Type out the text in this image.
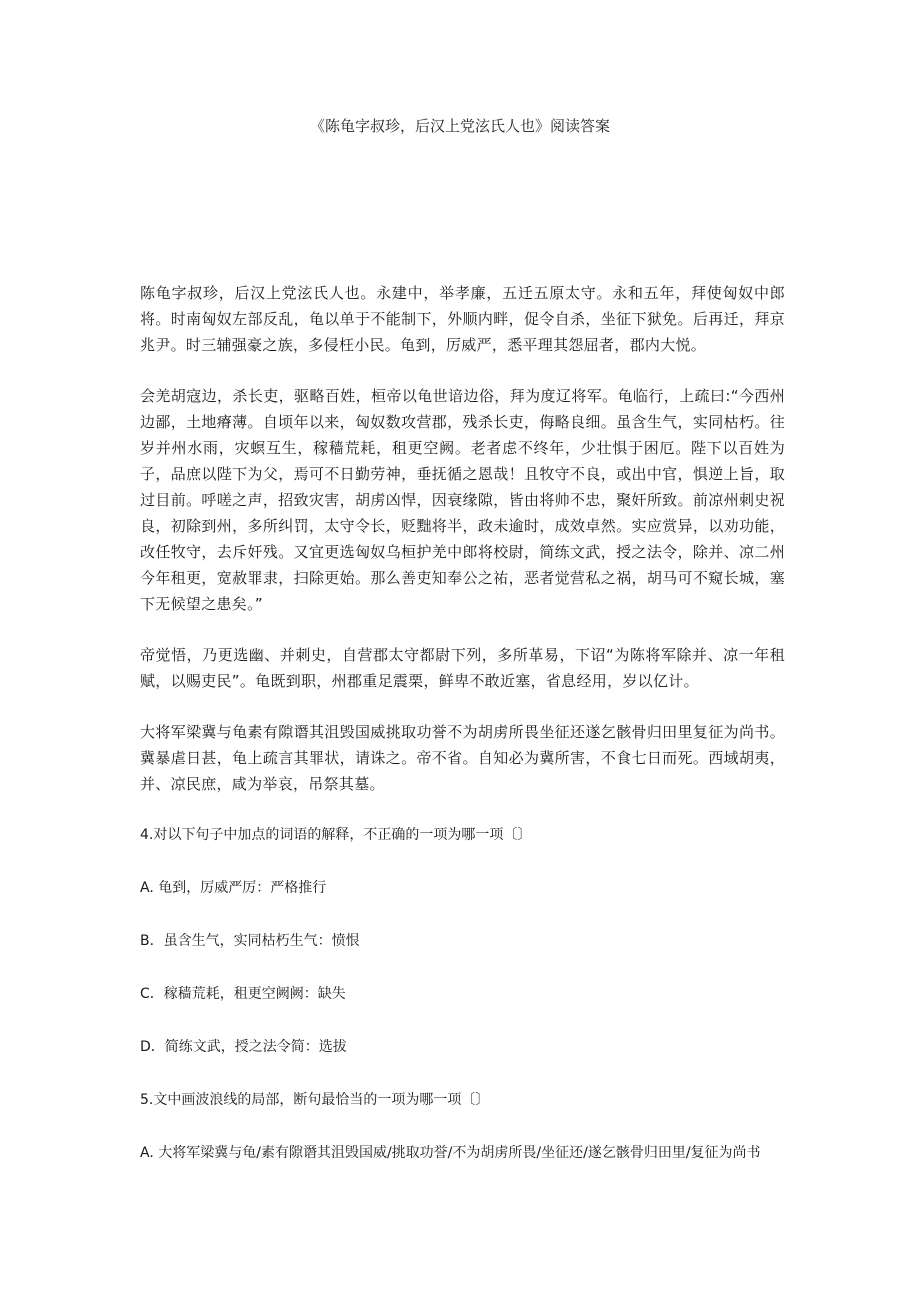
《陈龟字叔珍，后汉上党泫氏人也》阅读答案

陈龟字叔珍，后汉上党泫氏人也。永建中，举孝廉，五迁五原太守。永和五年，拜使匈奴中郎将。时南匈奴左部反乱，龟以单于不能制下，外顺内畔，促令自杀，坐征下狱免。后再迁，拜京兆尹。时三辅强豪之族，多侵枉小民。龟到，厉威严，悉平理其怨屈者，郡内大悦。

会羌胡寇边，杀长吏，驱略百姓，桓帝以龟世谙边俗，拜为度辽将军。龟临行，上疏曰:“今西州边鄙，土地瘠薄。自顷年以来，匈奴数攻营郡，残杀长吏，侮略良细。虽含生气，实同枯朽。往岁并州水雨，灾螟互生，稼穑荒耗，租更空阙。老者虑不终年，少壮惧于困厄。陛下以百姓为子，品庶以陛下为父，焉可不日勤劳神，垂抚循之恩哉！且牧守不良，或出中官，惧逆上旨，取过目前。呼嗟之声，招致灾害，胡虏凶悍，因衰缘隙，皆由将帅不忠，聚奸所致。前凉州刺史祝良，初除到州，多所纠罚，太守令长，贬黜将半，政未逾时，成效卓然。实应赏异，以劝功能，改任牧守，去斥奸残。又宜更选匈奴乌桓护羌中郎将校尉，简练文武，授之法令，除并、凉二州今年租更，宽赦罪隶，扫除更始。那么善吏知奉公之祐，恶者觉营私之祸，胡马可不窥长城，塞下无候望之患矣。”

帝觉悟，乃更选幽、并刺史，自营郡太守都尉下列，多所革易，下诏“为陈将军除并、凉一年租赋，以赐吏民”。龟既到职，州郡重足震栗，鲜卑不敢近塞，省息经用，岁以亿计。

大将军梁冀与龟素有隙谮其沮毁国威挑取功誉不为胡虏所畏坐征还遂乞骸骨归田里复征为尚书。冀暴虐日甚，龟上疏言其罪状，请诛之。帝不省。自知必为冀所害，不食七日而死。西域胡夷，并、凉民庶，咸为举哀，吊祭其墓。

4.对以下句子中加点的词语的解释，不正确的一项为哪一项〔〕

A. 龟到，厉威严厉：严格推行

B．虽含生气，实同枯朽生气：愤恨

C．稼穑荒耗，租更空阙阙：缺失

D．简练文武，授之法令简：选拔

5.文中画波浪线的局部，断句最恰当的一项为哪一项〔〕

A. 大将军梁冀与龟/素有隙谮其沮毁国威/挑取功誉/不为胡虏所畏/坐征还/遂乞骸骨归田里/复征为尚书
